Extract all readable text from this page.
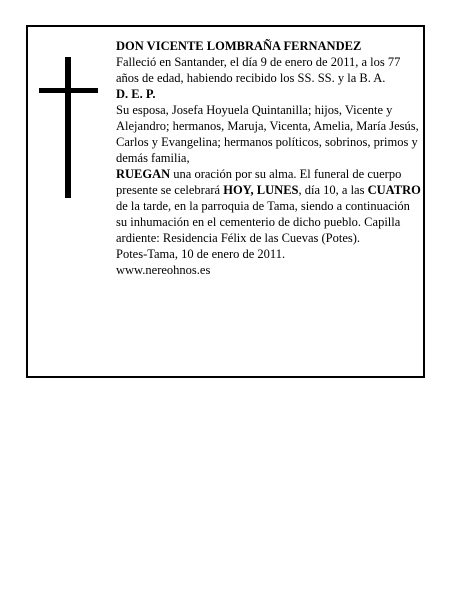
DON VICENTE LOMBRAÑA FERNANDEZ

Falleció en Santander, el día 9 de enero de 2011, a los 77 años de edad, habiendo recibido los SS. SS. y la B. A.

D. E. P.

Su esposa, Josefa Hoyuela Quintanilla; hijos, Vicente y Alejandro; hermanos, Maruja, Vicenta, Amelia, María Jesús, Carlos y Evangelina; hermanos políticos, sobrinos, primos y demás familia,

RUEGAN una oración por su alma. El funeral de cuerpo presente se celebrará HOY, LUNES, día 10, a las CUATRO de la tarde, en la parroquia de Tama, siendo a continuación su inhumación en el cementerio de dicho pueblo. Capilla ardiente: Residencia Félix de las Cuevas (Potes).

Potes-Tama, 10 de enero de 2011.

www.nereohnos.es
